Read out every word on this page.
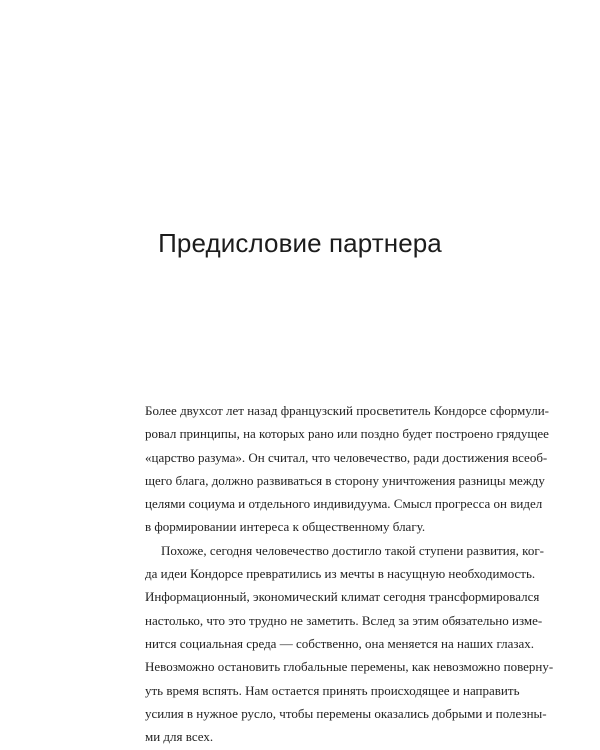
Предисловие партнера
Более двухсот лет назад французский просветитель Кондорсе сформули-
ровал принципы, на которых рано или поздно будет построено грядущее
«царство разума». Он считал, что человечество, ради достижения всеоб-
щего блага, должно развиваться в сторону уничтожения разницы между
целями социума и отдельного индивидуума. Смысл прогресса он видел
в формировании интереса к общественному благу.
Похоже, сегодня человечество достигло такой ступени развития, ког-
да идеи Кондорсе превратились из мечты в насущную необходимость.
Информационный, экономический климат сегодня трансформировался
настолько, что это трудно не заметить. Вслед за этим обязательно изме-
нится социальная среда — собственно, она меняется на наших глазах.
Невозможно остановить глобальные перемены, как невозможно поверну-
уть время вспять. Нам остается принять происходящее и направить
усилия в нужное русло, чтобы перемены оказались добрыми и полезны-
ми для всех.
